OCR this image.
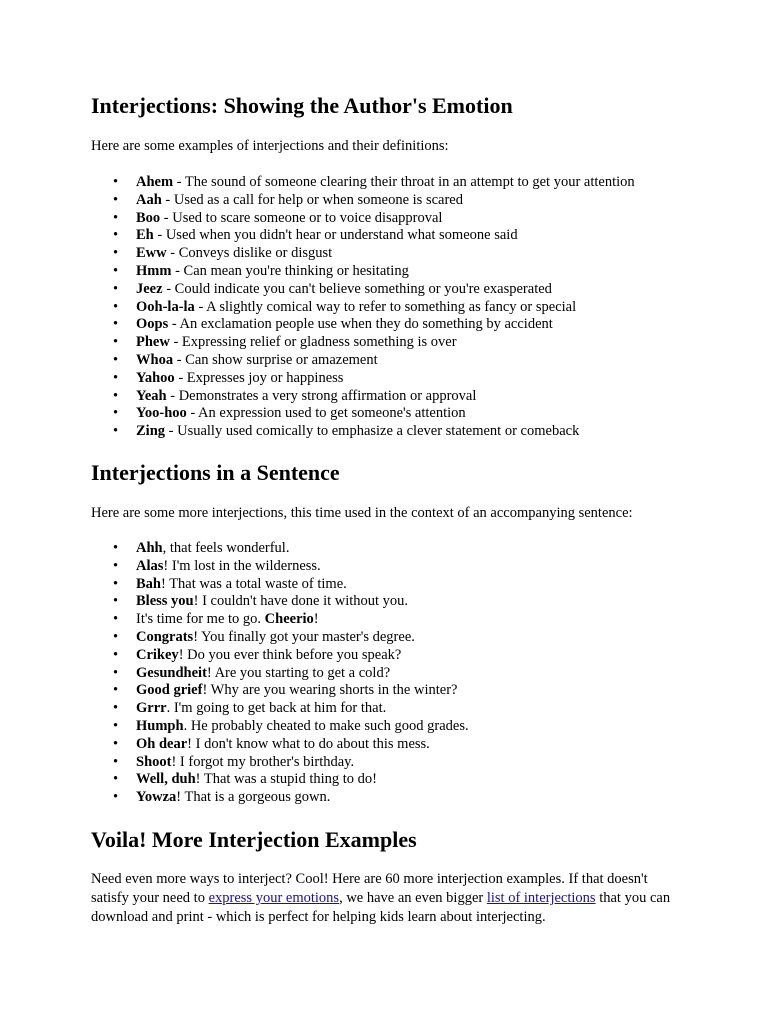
Interjections: Showing the Author's Emotion

Here are some examples of interjections and their definitions:

• Ahem - The sound of someone clearing their throat in an attempt to get your attention
• Aah - Used as a call for help or when someone is scared
• Boo - Used to scare someone or to voice disapproval
• Eh - Used when you didn't hear or understand what someone said
• Eww - Conveys dislike or disgust
• Hmm - Can mean you're thinking or hesitating
• Jeez - Could indicate you can't believe something or you're exasperated
• Ooh-la-la - A slightly comical way to refer to something as fancy or special
• Oops - An exclamation people use when they do something by accident
• Phew - Expressing relief or gladness something is over
• Whoa - Can show surprise or amazement
• Yahoo - Expresses joy or happiness
• Yeah - Demonstrates a very strong affirmation or approval
• Yoo-hoo - An expression used to get someone's attention
• Zing - Usually used comically to emphasize a clever statement or comeback
Interjections in a Sentence

Here are some more interjections, this time used in the context of an accompanying sentence:

• Ahh, that feels wonderful.
• Alas! I'm lost in the wilderness.
• Bah! That was a total waste of time.
• Bless you! I couldn't have done it without you.
• It's time for me to go. Cheerio!
• Congrats! You finally got your master's degree.
• Crikey! Do you ever think before you speak?
• Gesundheit! Are you starting to get a cold?
• Good grief! Why are you wearing shorts in the winter?
• Grrr. I'm going to get back at him for that.
• Humph. He probably cheated to make such good grades.
• Oh dear! I don't know what to do about this mess.
• Shoot! I forgot my brother's birthday.
• Well, duh! That was a stupid thing to do!
• Yowza! That is a gorgeous gown.
Voila! More Interjection Examples

Need even more ways to interject? Cool! Here are 60 more interjection examples. If that doesn't satisfy your need to express your emotions, we have an even bigger list of interjections that you can download and print - which is perfect for helping kids learn about interjecting.
